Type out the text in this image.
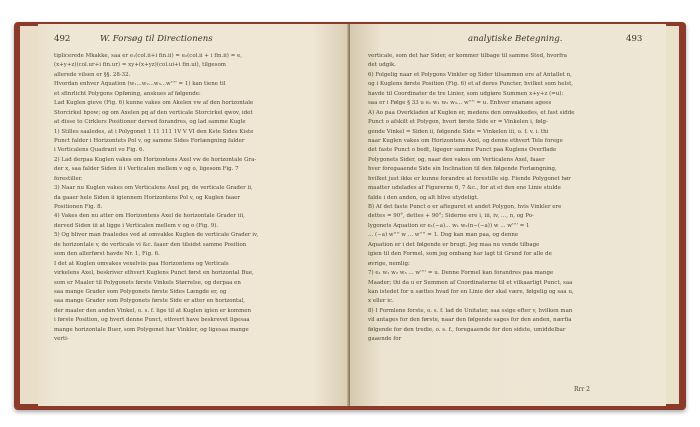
492	W. Forsøg til Directionens
tiplicerede Mkakke, saa er e₁(col.ii+i fin.ii) = e₂(col.ii + i fin.ii) = e,
(x+y+z)(col.ur+i fin.ur) = xy+(x+yz)(col.ui+i fin.ui), tilgesom
allerede vilsen er §§. 28-32.
Hvordan enhver Aquation (w₁...w₂...w₃...w'''' = 1) kan tiene til
et sfinrlicht Polygons Opføning, anskues af følgende:
Lad Kuglen gieve (Fig. 6) kunne vakes om Akelen vw af den horizontale
Storcirkel hpow; og om Axelen pq af den verticale Storcirkel qwov, idet
at disse to Cirklers Positioner derved forandres, og lad samme Kugle
1) Stilles saaledes, at i Polygonet 1 11 111 1V V VI den Kste Sides Kiste
Punct falder i Horizontets Pol v, og samme Sides Forlængning falder
i Verticalens Quadrant vo Fig. 6.
2) Lad derpaa Kuglen vakes om Horizontens Axel vw de horizontale Gra-
der x, saa falder Siden ii i Verticalen mellem v og o, ligesom Fig. 7
forestiller.
3) Naar nu Kuglen vakes om Verticalens Axel pq, de verticale Grader ii,
da gaaer hele Siden ii igiennem Horizontens Pol v, og Kuglen faaer
Positionen Fig. 8.
4) Vakes den nu atter om Horizontens Axel de horizontale Grader iii,
derved Siden iii at ligge i Verticalen mellem v og o (Fig. 9).
5) Og bliver man fraaledes ved at omvakke Kuglen de verticale Grader iv,
de horizontale v, de verticale vi &c. faaer den tilsidst samme Position
som den allerførst havde Nr. 1, Fig. 6.
I det at Kuglen omvakes vexelviis paa Horizontens og Verticals
virkelens Axel, beskriver ethvert Kuglens Punct først en horizontal Bue,
som er Maaler til Polygonets første Vinkels Størrelse, og derpaa en
saa mange Grader som Polygonets første Sides Længde er, og
saa mange Grader som Polygonets første Side er atter en horizontal,
der maaler den anden Vinkel, o. s. f. lige til at Kuglen igien er kommen
i første Position, og hvert denne Punct, ethvert have beskrevet ligesaa
mange horizontale Buer, som Polygonet har Vinkler, og ligesaa mange
verti-
analytiske Betegning.	493
verticale, som det har Sider, er kommer tilbage til samme Sted, hvorfra
det udgik.
6) Folgelig naar et Polygons Vinkler og Sider tilsammen ere af Antallet n,
og i Kuglens første Position (Fig. 6) et af deres Puncter, hvilket som helst,
havde til Coordinater de tre Linier, som udgiøre Summen x+y+z (=u):
saa er i Følge § 33 u e₁ w₁ w₂ w₃... w'''' = u. Enhver enanæe agees
A) Ao paa Overkladen af Kuglen er, medens den omvakkedes, et fast sidde
Punct o afskilt et Polygon, hvori første Side er = Vinkelen i, følg-
gende Vinkel = Siden ii, følgende Side = Vinkelen iii, o. f. v. i. thi
naar Kuglen vakes om Horizontens Axel, og denne ethvert Tele forege
det faste Punct o bedt, ligeger samme Punct paa Kuglens Overflade
Polygonets Sider, og, naar den vakes om Verticalens Axel, faaer
hver foregaaende Side sin Inclination til den følgende Forlængning,
hvilket just ikke er kunne forandre at forestille sig. Fiende Polygonet hør
maatter udelades af Figurerne 6, 7 &c., for at et den ene Linie stulde
falde i den anden, og alt blive utydeligt.
B) Af det faste Punct o er afteguret et andet Polygon, hvis Vinkler ere
dettes = 90°, dettes + 90°; Siderne ere i, iii, iv, ..., n, og Po-
lygonets Aquation er e₁(−a)... w₁ w₂(n−(−a)) w ... w'''' = 1
... (−a) w'''' w ... w'''' = 1. Dog kan man paa, og denne
Aquation er i det følgende er brugt. Jeg maa nu vende tilbage
igien til den Formel, som jeg ombang har lagt til Grund for alle de
øvrige, nemlig:
7) e₁ w₁ w₂ w₃ ... w'''' = u. Denne Formel kan forandres paa mange
Maader; thi da u er Summen af Coordinaterne til et vilkaarligt Punct, saa
kan istedet for u sættes hvad for en Linie der skal være, følgelig og saa u,
x eller ic.
8) I Formlene forste, o. s. f. lad de Unitater, saa ssige efter v, hvilken man
vil antages for den første, naar den følgende sages for den anden, nærfia
følgende for den tredie, o. s. f., foregaaende for den sidste, umiddelbar
gaaende for
Rrr 2
